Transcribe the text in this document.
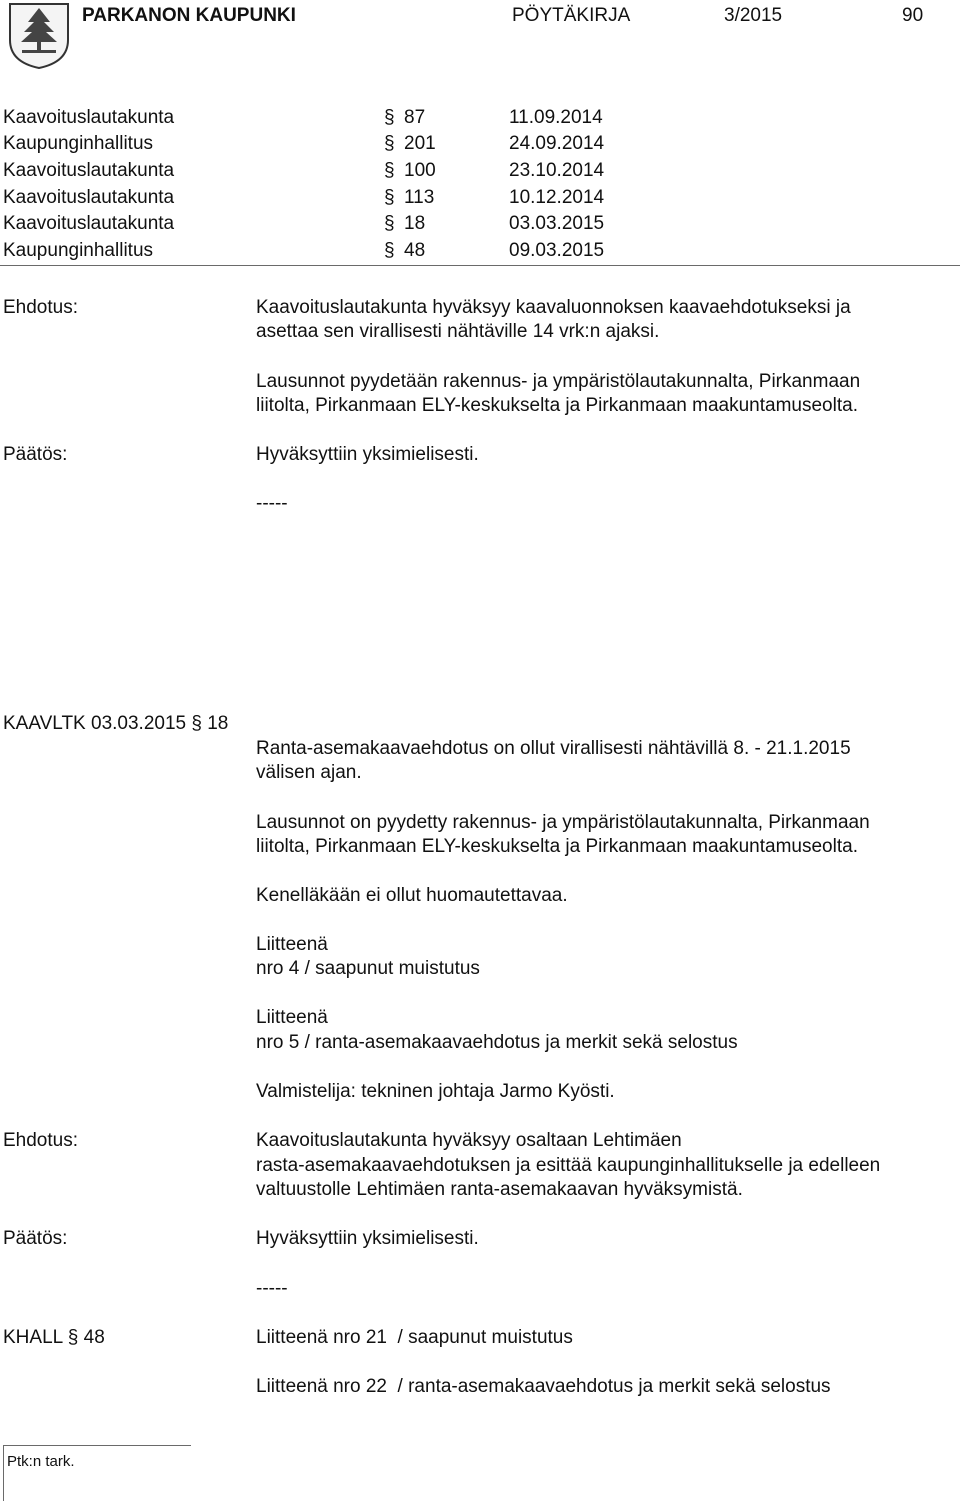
PARKANON KAUPUNKI	PÖYTÄKIRJA	3/2015	90
Kaavoituslautakunta	§ 87	11.09.2014
Kaupunginhallitus	§ 201	24.09.2014
Kaavoituslautakunta	§ 100	23.10.2014
Kaavoituslautakunta	§ 113	10.12.2014
Kaavoituslautakunta	§ 18	03.03.2015
Kaupunginhallitus	§ 48	09.03.2015
Ehdotus:	Kaavoituslautakunta hyväksyy kaavaluonnoksen kaavaehdotukseksi ja
asettaa sen virallisesti nähtäville 14 vrk:n ajaksi.
Lausunnot pyydetään rakennus- ja ympäristölautakunnalta, Pirkanmaan
liitolta, Pirkanmaan ELY-keskukselta ja Pirkanmaan maakuntamuseolta.
Päätös:	Hyväksyttiin yksimielisesti.
-----
KAAVLTK 03.03.2015 § 18
Ranta-asemakaavaehdotus on ollut virallisesti nähtävillä 8. - 21.1.2015
välisen ajan.
Lausunnot on pyydetty rakennus- ja ympäristölautakunnalta, Pirkanmaan
liitolta, Pirkanmaan ELY-keskukselta ja Pirkanmaan maakuntamuseolta.
Kenelläkään ei ollut huomautettavaa.
Liitteenä
nro 4 / saapunut muistutus
Liitteenä
nro 5 / ranta-asemakaavaehdotus ja merkit sekä selostus
Valmistelija: tekninen johtaja Jarmo Kyösti.
Ehdotus:	Kaavoituslautakunta hyväksyy osaltaan Lehtimäen
rasta-asemakaavaehdotuksen ja esittää kaupunginhallitukselle ja edelleen
valtuustolle Lehtimäen ranta-asemakaavan hyväksymistä.
Päätös:	Hyväksyttiin yksimielisesti.
-----
KHALL § 48	Liitteenä nro 21  / saapunut muistutus
Liitteenä nro 22  / ranta-asemakaavaehdotus ja merkit sekä selostus
Ptk:n tark.
